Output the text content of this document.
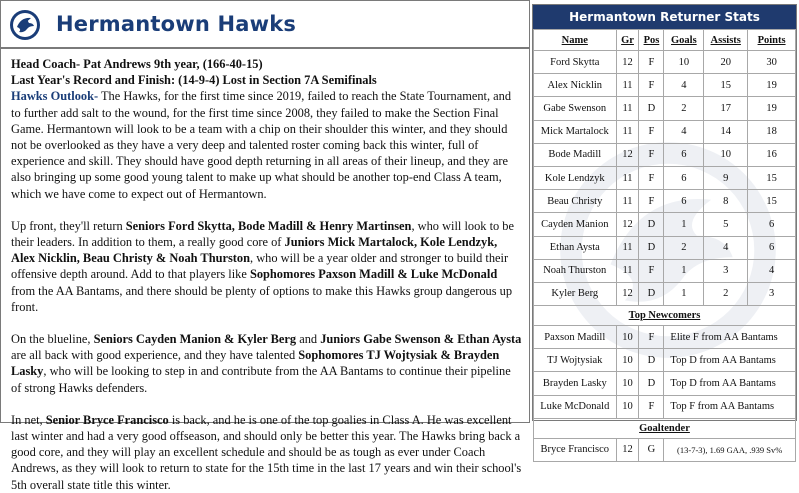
Hermantown Hawks

Head Coach- Pat Andrews 9th year, (166-40-15)

Last Year's Record and Finish: (14-9-4) Lost in Section 7A Semifinals

Hawks Outlook- The Hawks, for the first time since 2019, failed to reach the State Tournament, and to further add salt to the wound, for the first time since 2008, they failed to make the Section Final Game. Hermantown will look to be a team with a chip on their shoulder this winter, and they should not be overlooked as they have a very deep and talented roster coming back this winter, full of experience and skill. They should have good depth returning in all areas of their lineup, and they are also bringing up some good young talent to make up what should be another top-end Class A team, which we have come to expect out of Hermantown.

Up front, they'll return Seniors Ford Skytta, Bode Madill & Henry Martinsen, who will look to be their leaders. In addition to them, a really good core of Juniors Mick Martalock, Kole Lendzyk, Alex Nicklin, Beau Christy & Noah Thurston, who will be a year older and stronger to build their offensive depth around. Add to that players like Sophomores Paxson Madill & Luke McDonald from the AA Bantams, and there should be plenty of options to make this Hawks group dangerous up front.

On the blueline, Seniors Cayden Manion & Kyler Berg and Juniors Gabe Swenson & Ethan Aysta are all back with good experience, and they have talented Sophomores TJ Wojtysiak & Brayden Lasky, who will be looking to step in and contribute from the AA Bantams to continue their pipeline of strong Hawks defenders.

In net, Senior Bryce Francisco is back, and he is one of the top goalies in Class A. He was excellent last winter and had a very good offseason, and should only be better this year. The Hawks bring back a good core, and they will play an excellent schedule and should be as tough as ever under Coach Andrews, as they will look to return to state for the 15th time in the last 17 years and win their school's 5th overall state title this winter.

Hermantown Returner Stats
Name	Gr	Pos	Goals	Assists	Points
Ford Skytta	12	F	10	20	30
Alex Nicklin	11	F	4	15	19
Gabe Swenson	11	D	2	17	19
Mick Martalock	11	F	4	14	18
Bode Madill	12	F	6	10	16
Kole Lendzyk	11	F	6	9	15
Beau Christy	11	F	6	8	15
Cayden Manion	12	D	1	5	6
Ethan Aysta	11	D	2	4	6
Noah Thurston	11	F	1	3	4
Kyler Berg	12	D	1	2	3
Top Newcomers					
Paxson Madill	10	F	Elite F from AA Bantams		
TJ Wojtysiak	10	D	Top D from AA Bantams		
Brayden Lasky	10	D	Top D from AA Bantams		
Luke McDonald	10	F	Top F from AA Bantams		
Goaltender					
Bryce Francisco	12	G	(13-7-3), 1.69 GAA, .939 Sv%		
